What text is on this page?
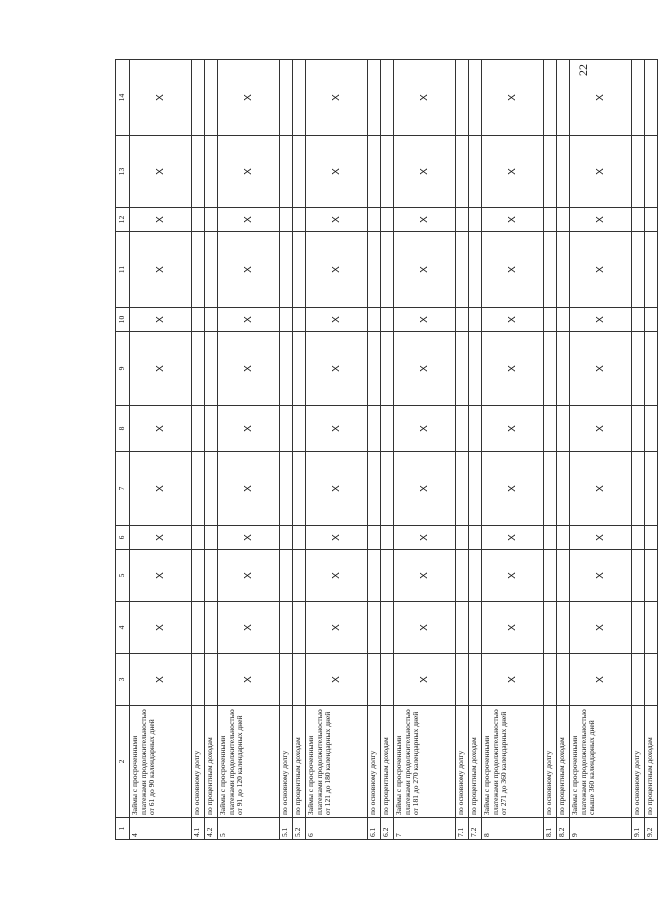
22
1	2	3	4	5	6	7	8	9	10	11	12	13	14
4	Займы с просроченными платежами продолжительностью от 61 до 90 календарных дней	X	X	X	X	X	X	X	X	X	X	X	X
4.1	по основному долгу												
4.2	по процентным доходам												
5	Займы с просроченными платежами продолжительностью от 91 до 120 календарных дней	X	X	X	X	X	X	X	X	X	X	X	X
5.1	по основному долгу												
5.2	по процентным доходам												
6	Займы с просроченными платежами продолжительностью от 121 до 180 календарных дней	X	X	X	X	X	X	X	X	X	X	X	X
6.1	по основному долгу												
6.2	по процентным доходам												
7	Займы с просроченными платежами продолжительностью от 181 до 270 календарных дней	X	X	X	X	X	X	X	X	X	X	X	X
7.1	по основному долгу												
7.2	по процентным доходам												
8	Займы с просроченными платежами продолжительностью от 271 до 360 календарных дней	X	X	X	X	X	X	X	X	X	X	X	X
8.1	по основному долгу												
8.2	по процентным доходам												
9	Займы с просроченными платежами продолжительностью свыше 360 календарных дней	X	X	X	X	X	X	X	X	X	X	X	X
9.1	по основному долгу												
9.2	по процентным доходам												
